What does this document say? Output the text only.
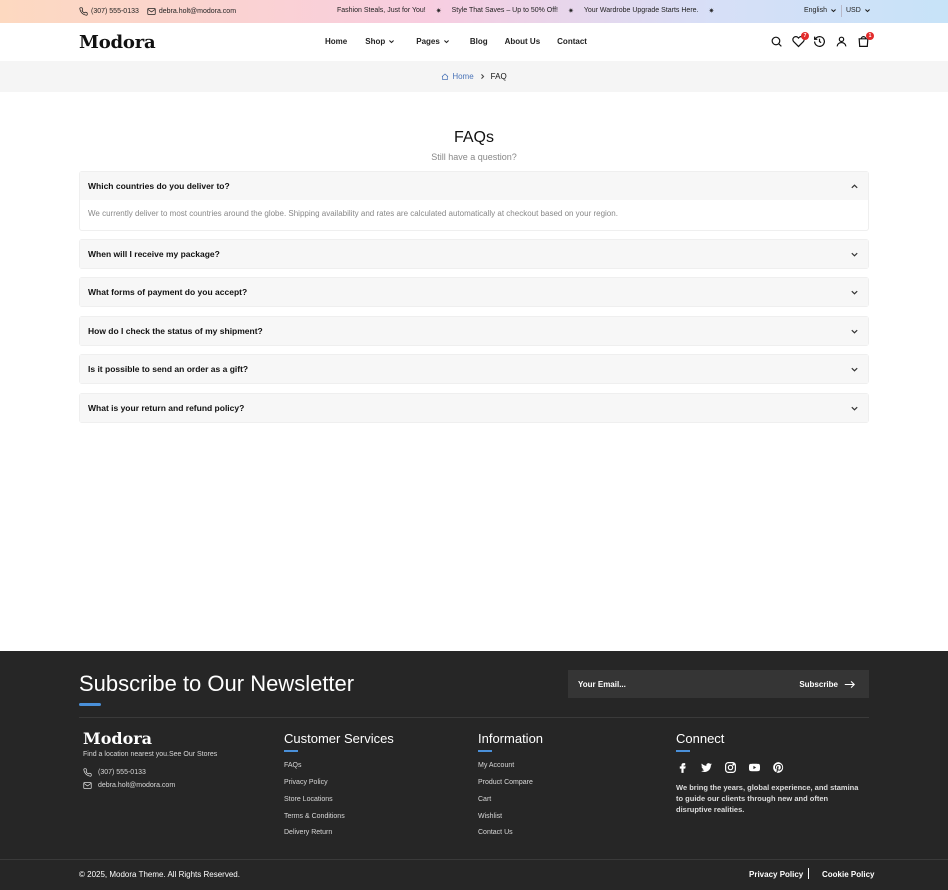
(307) 555-0133	debra.holt@modora.com	Fashion Steals, Just for You! ✷ Style That Saves – Up to 50% Off! ✷ Your Wardrobe Upgrade Starts Here. ✷	English	USD
Modora	Home Shop	Pages	Blog About Us Contact
7	1
Home FAQ
FAQs
Still have a question?
Which countries do you deliver to?
We currently deliver to most countries around the globe. Shipping availability and rates are calculated automatically at checkout based on your region.
When will I receive my package?
What forms of payment do you accept?
How do I check the status of my shipment?
Is it possible to send an order as a gift?
What is your return and refund policy?
Subscribe to Our Newsletter	Your Email...	Subscribe
Modora
Find a location nearest you.See Our Stores
(307) 555-0133
debra.holt@modora.com
Customer Services
FAQs
Privacy Policy
Store Locations
Terms & Conditions
Delivery Return
Information
My Account
Product Compare
Cart
Wishlist
Contact Us
Connect
We bring the years, global experience, and stamina to guide our clients through new and often disruptive realities.
© 2025, Modora Theme. All Rights Reserved.	Privacy Policy Cookie Policy
